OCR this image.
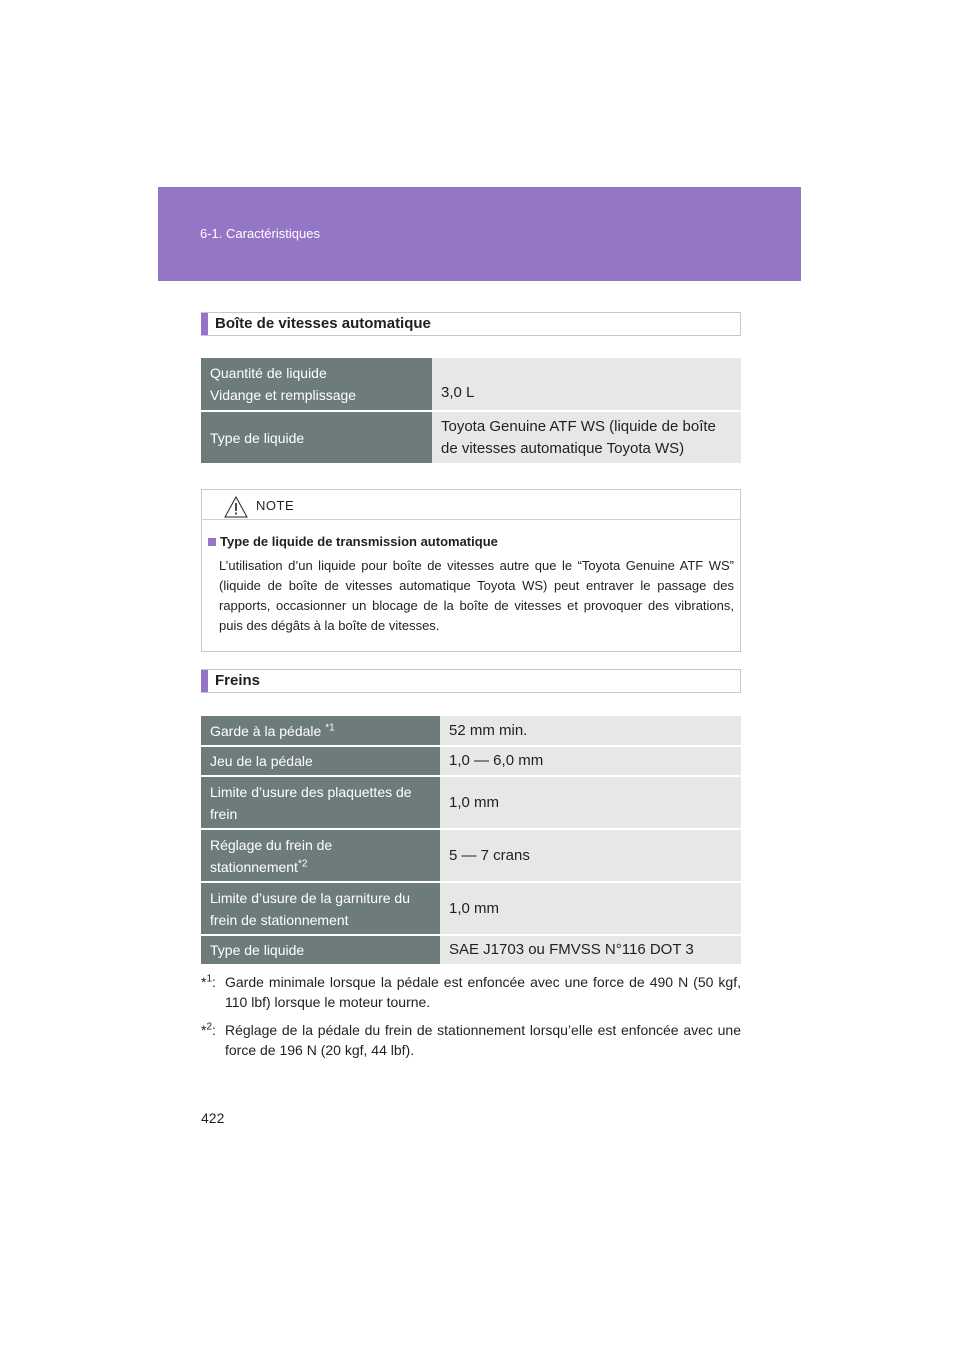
6-1. Caractéristiques
Boîte de vitesses automatique
Quantité de liquide
Vidange et remplissage	3,0 L
Type de liquide	Toyota Genuine ATF WS (liquide de boîte de vitesses automatique Toyota WS)
NOTE
Type de liquide de transmission automatique
L’utilisation d’un liquide pour boîte de vitesses autre que le “Toyota Genuine ATF WS” (liquide de boîte de vitesses automatique Toyota WS) peut entraver le passage des rapports, occasionner un blocage de la boîte de vitesses et provoquer des vibrations, puis des dégâts à la boîte de vitesses.
Freins
Garde à la pédale $^{*1}$	52 mm min.
Jeu de la pédale	1,0 — 6,0 mm
Limite d’usure des plaquettes de frein	1,0 mm

Réglage du frein de
stationnement$^{*2}$	5 — 7 crans
Limite d’usure de la garniture du frein de stationnement	1,0 mm
Type de liquide	SAE J1703 ou FMVSS N°116 DOT 3
*$^1$: Garde minimale lorsque la pédale est enfoncée avec une force de 490 N (50 kgf, 110 lbf) lorsque le moteur tourne.
*$^2$: Réglage de la pédale du frein de stationnement lorsqu’elle est enfoncée avec une force de 196 N (20 kgf, 44 lbf).
422
